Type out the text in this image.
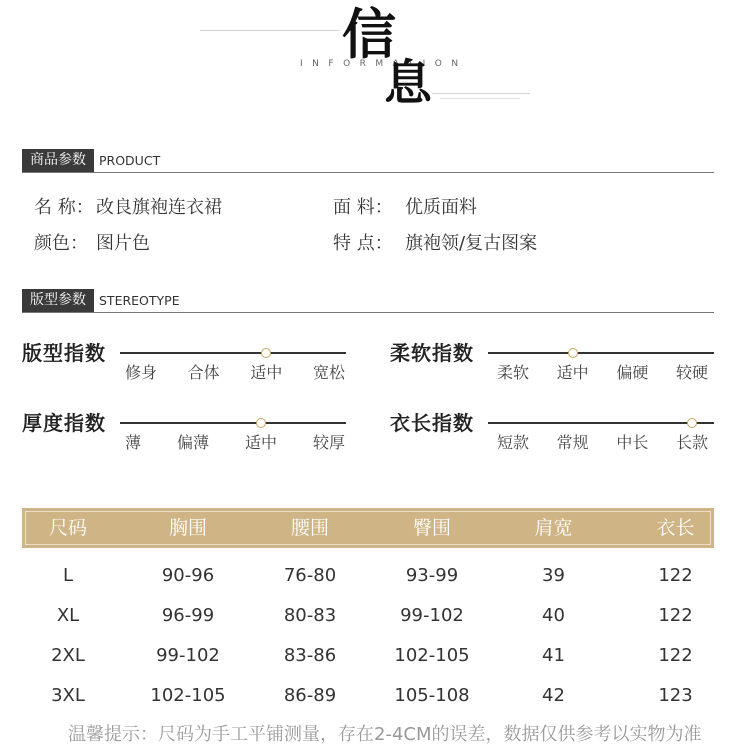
INFORMATION
信
息
商品参数	PRODUCT
名 称： 改良旗袍连衣裙	面 料： 优质面料
颜色： 图片色	特 点： 旗袍领/复古图案
版型参数	STEREOTYPE
版型指数
修身 合体 适中 宽松
柔软指数
柔软 适中 偏硬 较硬
厚度指数
薄 偏薄 适中 较厚
衣长指数
短款 常规 中长 长款
尺码	胸围	腰围	臀围	肩宽	衣长
L	90-96	76-80	93-99	39	122
XL	96-99	80-83	99-102	40	122
2XL	99-102	83-86	102-105	41	122
3XL	102-105	86-89	105-108	42	123
温馨提示：尺码为手工平铺测量，存在2-4CM的误差，数据仅供参考以实物为准
